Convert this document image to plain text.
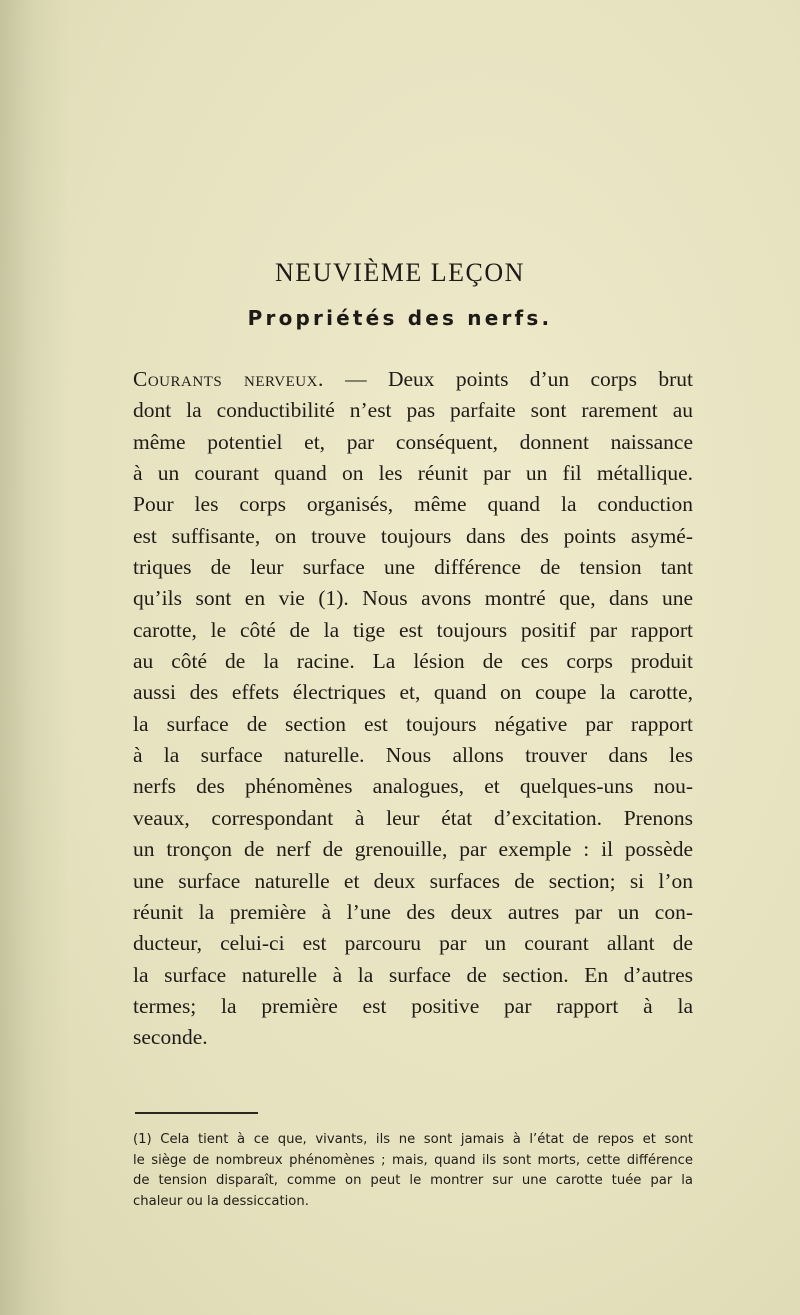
NEUVIÈME LEÇON
Propriétés des nerfs.
Courants nerveux. — Deux points d’un corps brut
dont la conductibilité n’est pas parfaite sont rarement au
même potentiel et, par conséquent, donnent naissance
à un courant quand on les réunit par un fil métallique.
Pour les corps organisés, même quand la conduction
est suffisante, on trouve toujours dans des points asymé-
triques de leur surface une différence de tension tant
qu’ils sont en vie (1). Nous avons montré que, dans une
carotte, le côté de la tige est toujours positif par rapport
au côté de la racine. La lésion de ces corps produit
aussi des effets électriques et, quand on coupe la carotte,
la surface de section est toujours négative par rapport
à la surface naturelle. Nous allons trouver dans les
nerfs des phénomènes analogues, et quelques-uns nou-
veaux, correspondant à leur état d’excitation. Prenons
un tronçon de nerf de grenouille, par exemple : il possède
une surface naturelle et deux surfaces de section; si l’on
réunit la première à l’une des deux autres par un con-
ducteur, celui-ci est parcouru par un courant allant de
la surface naturelle à la surface de section. En d’autres
termes; la première est positive par rapport à la
seconde.
(1) Cela tient à ce que, vivants, ils ne sont jamais à l’état de repos et sont
le siège de nombreux phénomènes ; mais, quand ils sont morts, cette différence
de tension disparaît, comme on peut le montrer sur une carotte tuée par la
chaleur ou la dessiccation.
